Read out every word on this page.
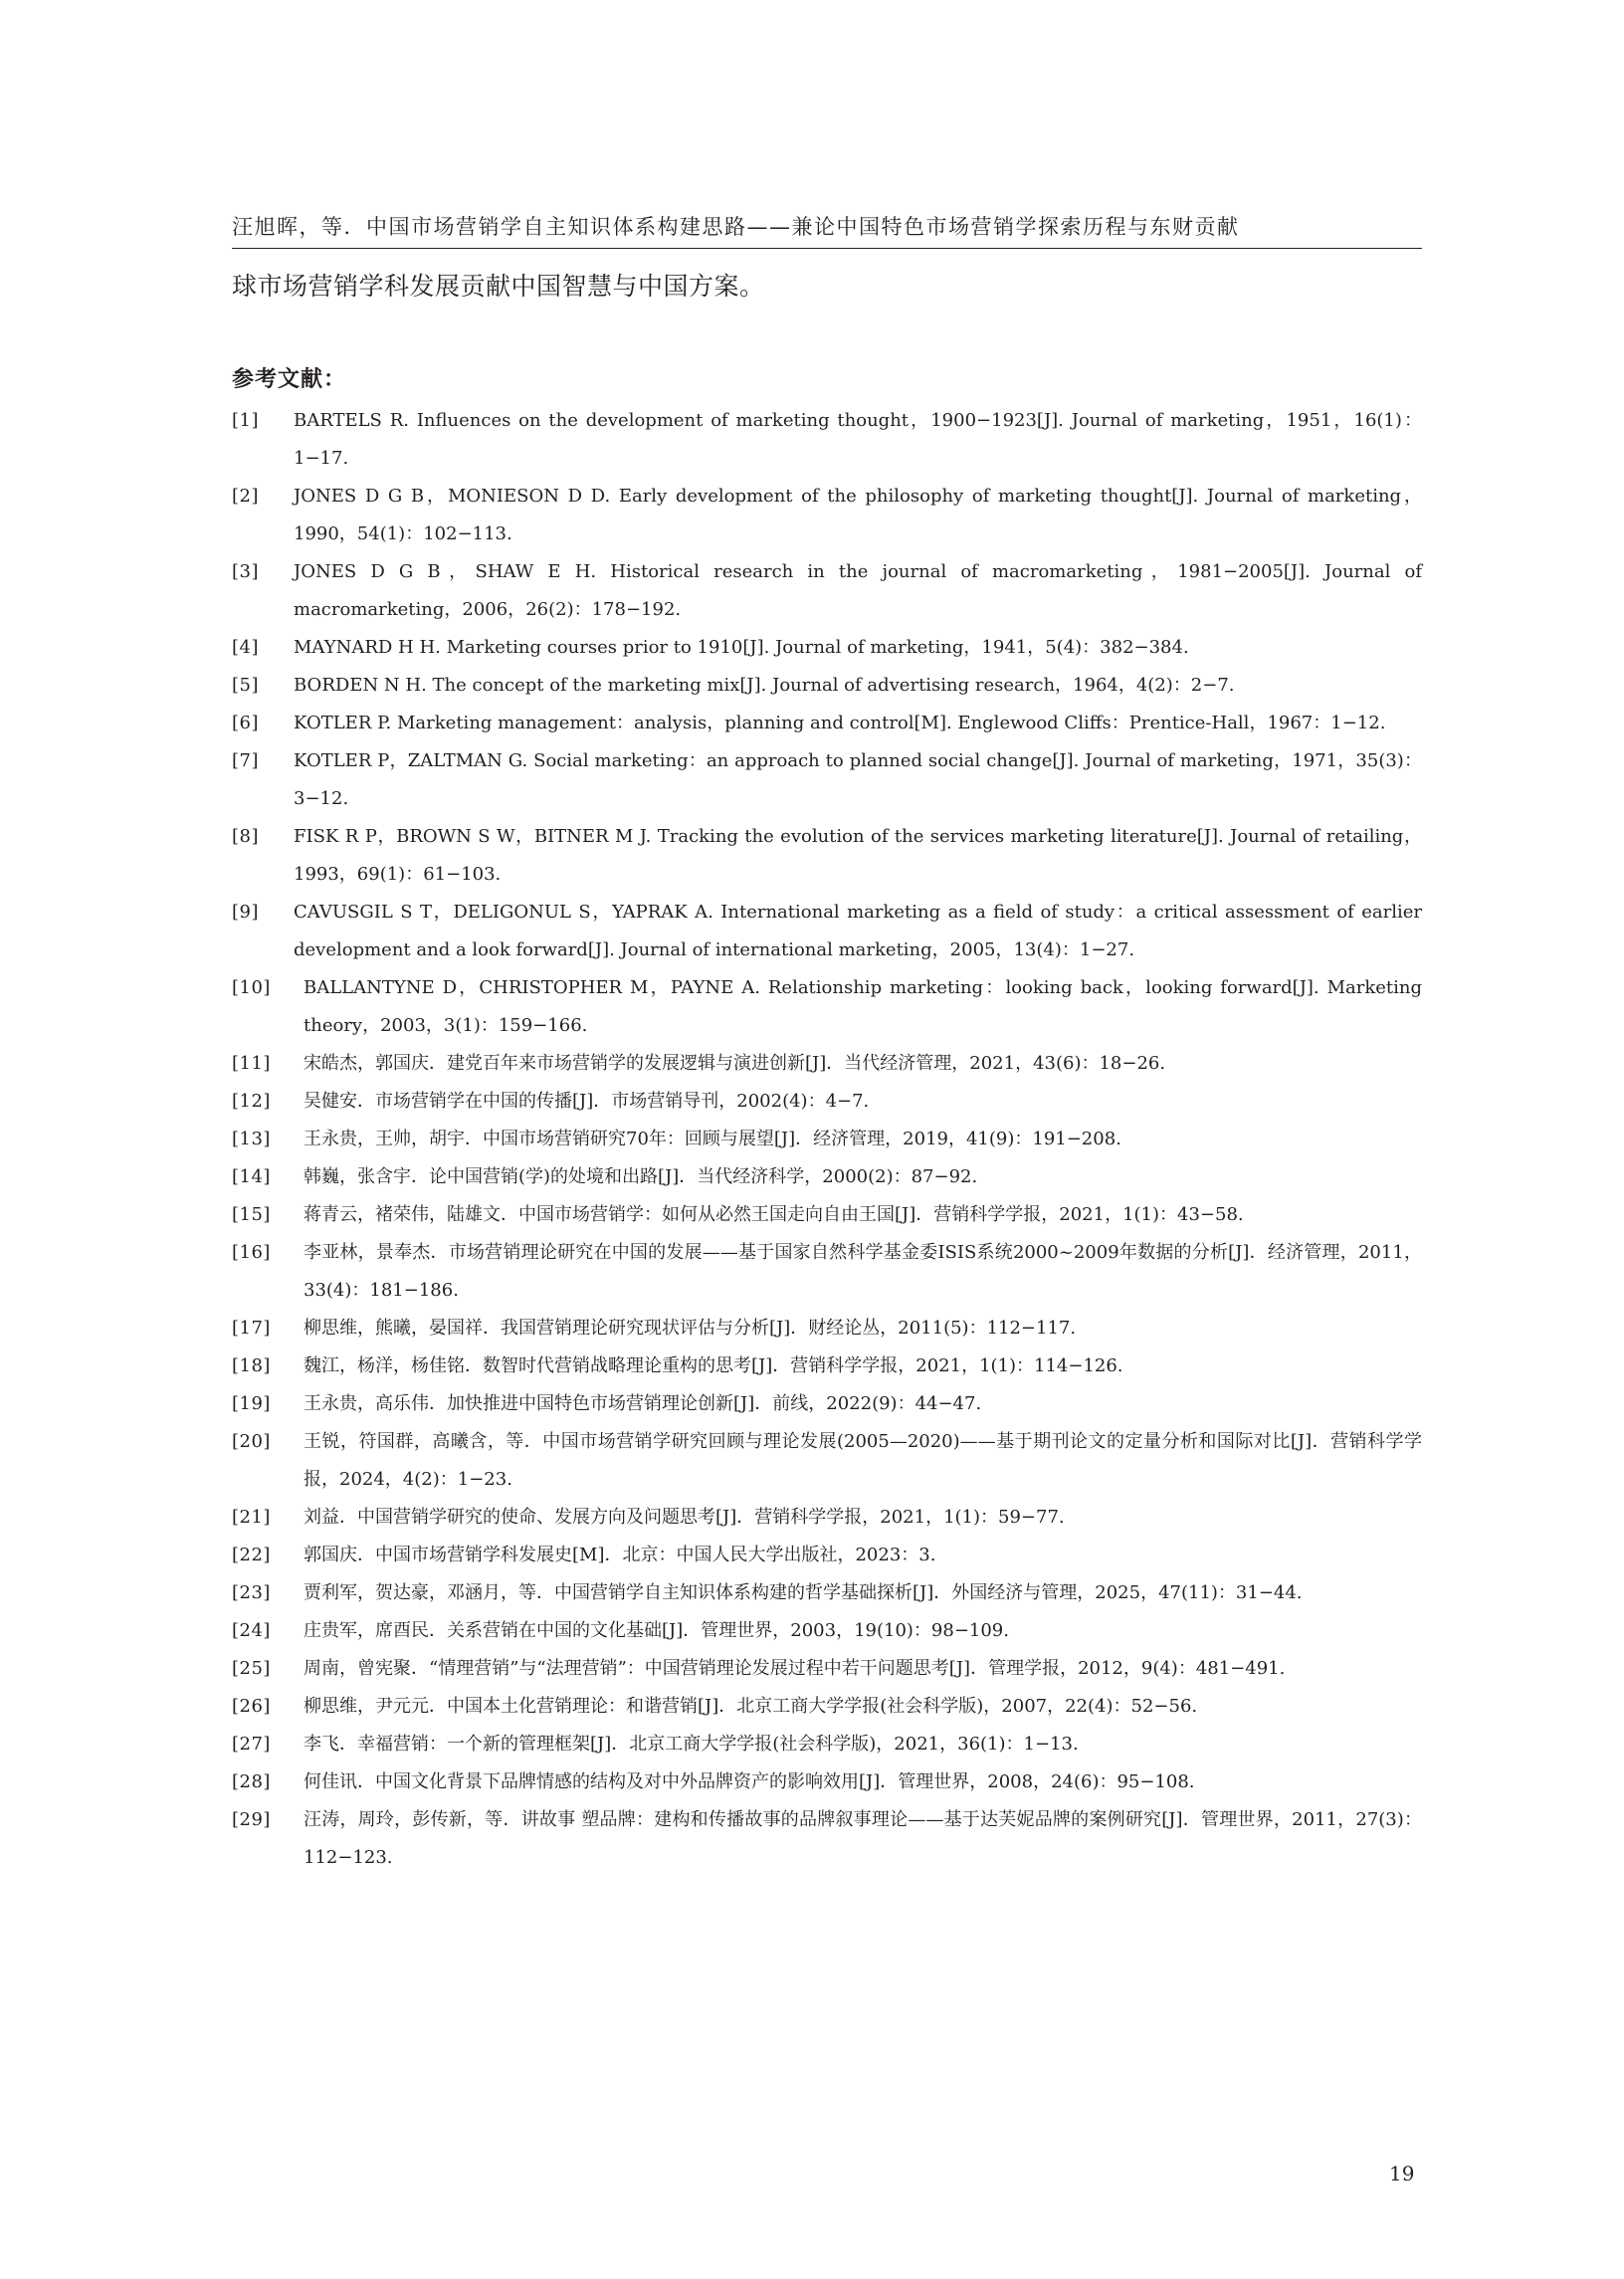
汪旭晖，等．中国市场营销学自主知识体系构建思路——兼论中国特色市场营销学探索历程与东财贡献
球市场营销学科发展贡献中国智慧与中国方案。
参考文献：
[1] BARTELS R. Influences on the development of marketing thought，1900−1923[J]. Journal of marketing，1951，16(1)：1−17.
[2] JONES D G B，MONIESON D D. Early development of the philosophy of marketing thought[J]. Journal of marketing，1990，54(1)：102−113.
[3] JONES D G B，SHAW E H. Historical research in the journal of macromarketing，1981−2005[J]. Journal of macromarketing，2006，26(2)：178−192.
[4] MAYNARD H H. Marketing courses prior to 1910[J]. Journal of marketing，1941，5(4)：382−384.
[5] BORDEN N H. The concept of the marketing mix[J]. Journal of advertising research，1964，4(2)：2−7.
[6] KOTLER P. Marketing management：analysis，planning and control[M]. Englewood Cliffs：Prentice-Hall，1967：1−12.
[7] KOTLER P，ZALTMAN G. Social marketing：an approach to planned social change[J]. Journal of marketing，1971，35(3)：3−12.
[8] FISK R P，BROWN S W，BITNER M J. Tracking the evolution of the services marketing literature[J]. Journal of retailing，1993，69(1)：61−103.
[9] CAVUSGIL S T，DELIGONUL S，YAPRAK A. International marketing as a field of study：a critical assessment of earlier development and a look forward[J]. Journal of international marketing，2005，13(4)：1−27.
[10] BALLANTYNE D，CHRISTOPHER M，PAYNE A. Relationship marketing：looking back，looking forward[J]. Marketing theory，2003，3(1)：159−166.
[11] 宋皓杰，郭国庆．建党百年来市场营销学的发展逻辑与演进创新[J]．当代经济管理，2021，43(6)：18−26.
[12] 吴健安．市场营销学在中国的传播[J]．市场营销导刊，2002(4)：4−7.
[13] 王永贵，王帅，胡宇．中国市场营销研究70年：回顾与展望[J]．经济管理，2019，41(9)：191−208.
[14] 韩巍，张含宇．论中国营销(学)的处境和出路[J]．当代经济科学，2000(2)：87−92.
[15] 蒋青云，褚荣伟，陆雄文．中国市场营销学：如何从必然王国走向自由王国[J]．营销科学学报，2021，1(1)：43−58.
[16] 李亚林，景奉杰．市场营销理论研究在中国的发展——基于国家自然科学基金委ISIS系统2000~2009年数据的分析[J]．经济管理，2011，33(4)：181−186.
[17] 柳思维，熊曦，晏国祥．我国营销理论研究现状评估与分析[J]．财经论丛，2011(5)：112−117.
[18] 魏江，杨洋，杨佳铭．数智时代营销战略理论重构的思考[J]．营销科学学报，2021，1(1)：114−126.
[19] 王永贵，高乐伟．加快推进中国特色市场营销理论创新[J]．前线，2022(9)：44−47.
[20] 王锐，符国群，高曦含，等．中国市场营销学研究回顾与理论发展(2005—2020)——基于期刊论文的定量分析和国际对比[J]．营销科学学报，2024，4(2)：1−23.
[21] 刘益．中国营销学研究的使命、发展方向及问题思考[J]．营销科学学报，2021，1(1)：59−77.
[22] 郭国庆．中国市场营销学科发展史[M]．北京：中国人民大学出版社，2023：3.
[23] 贾利军，贺达豪，邓涵月，等．中国营销学自主知识体系构建的哲学基础探析[J]．外国经济与管理，2025，47(11)：31−44.
[24] 庄贵军，席酉民．关系营销在中国的文化基础[J]．管理世界，2003，19(10)：98−109.
[25] 周南，曾宪聚．“情理营销”与“法理营销”：中国营销理论发展过程中若干问题思考[J]．管理学报，2012，9(4)：481−491.
[26] 柳思维，尹元元．中国本土化营销理论：和谐营销[J]．北京工商大学学报(社会科学版)，2007，22(4)：52−56.
[27] 李飞．幸福营销：一个新的管理框架[J]．北京工商大学学报(社会科学版)，2021，36(1)：1−13.
[28] 何佳讯．中国文化背景下品牌情感的结构及对中外品牌资产的影响效用[J]．管理世界，2008，24(6)：95−108.
[29] 汪涛，周玲，彭传新，等．讲故事 塑品牌：建构和传播故事的品牌叙事理论——基于达芙妮品牌的案例研究[J]．管理世界，2011，27(3)：112−123.
19
